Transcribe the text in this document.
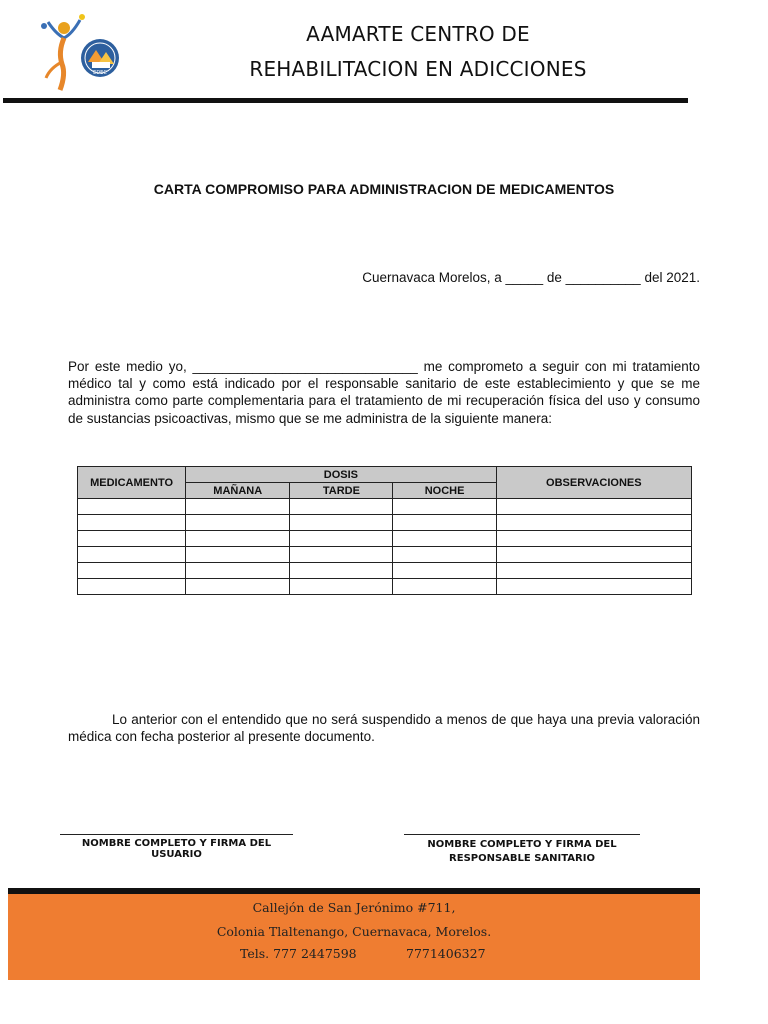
EDEC
AAMARTE CENTRO DE
REHABILITACION EN ADICCIONES
CARTA COMPROMISO PARA ADMINISTRACION DE MEDICAMENTOS
Cuernavaca Morelos, a _____ de __________ del 2021.
Por este medio yo, ______________________________ me comprometo a seguir con mi tratamiento médico tal y como está indicado por el responsable sanitario de este establecimiento y que se me administra como parte complementaria para el tratamiento de mi recuperación física del uso y consumo de sustancias psicoactivas, mismo que se me administra de la siguiente manera:
MEDICAMENTO	DOSIS			OBSERVACIONES
	MAÑANA	TARDE	NOCHE	

Lo anterior con el entendido que no será suspendido a menos de que haya una previa valoración médica con fecha posterior al presente documento.
NOMBRE COMPLETO Y FIRMA DEL USUARIO
NOMBRE COMPLETO Y FIRMA DEL RESPONSABLE SANITARIO
Callejón de San Jerónimo #711,
Colonia Tlaltenango, Cuernavaca, Morelos.
Tels. 777 2447598	7771406327
